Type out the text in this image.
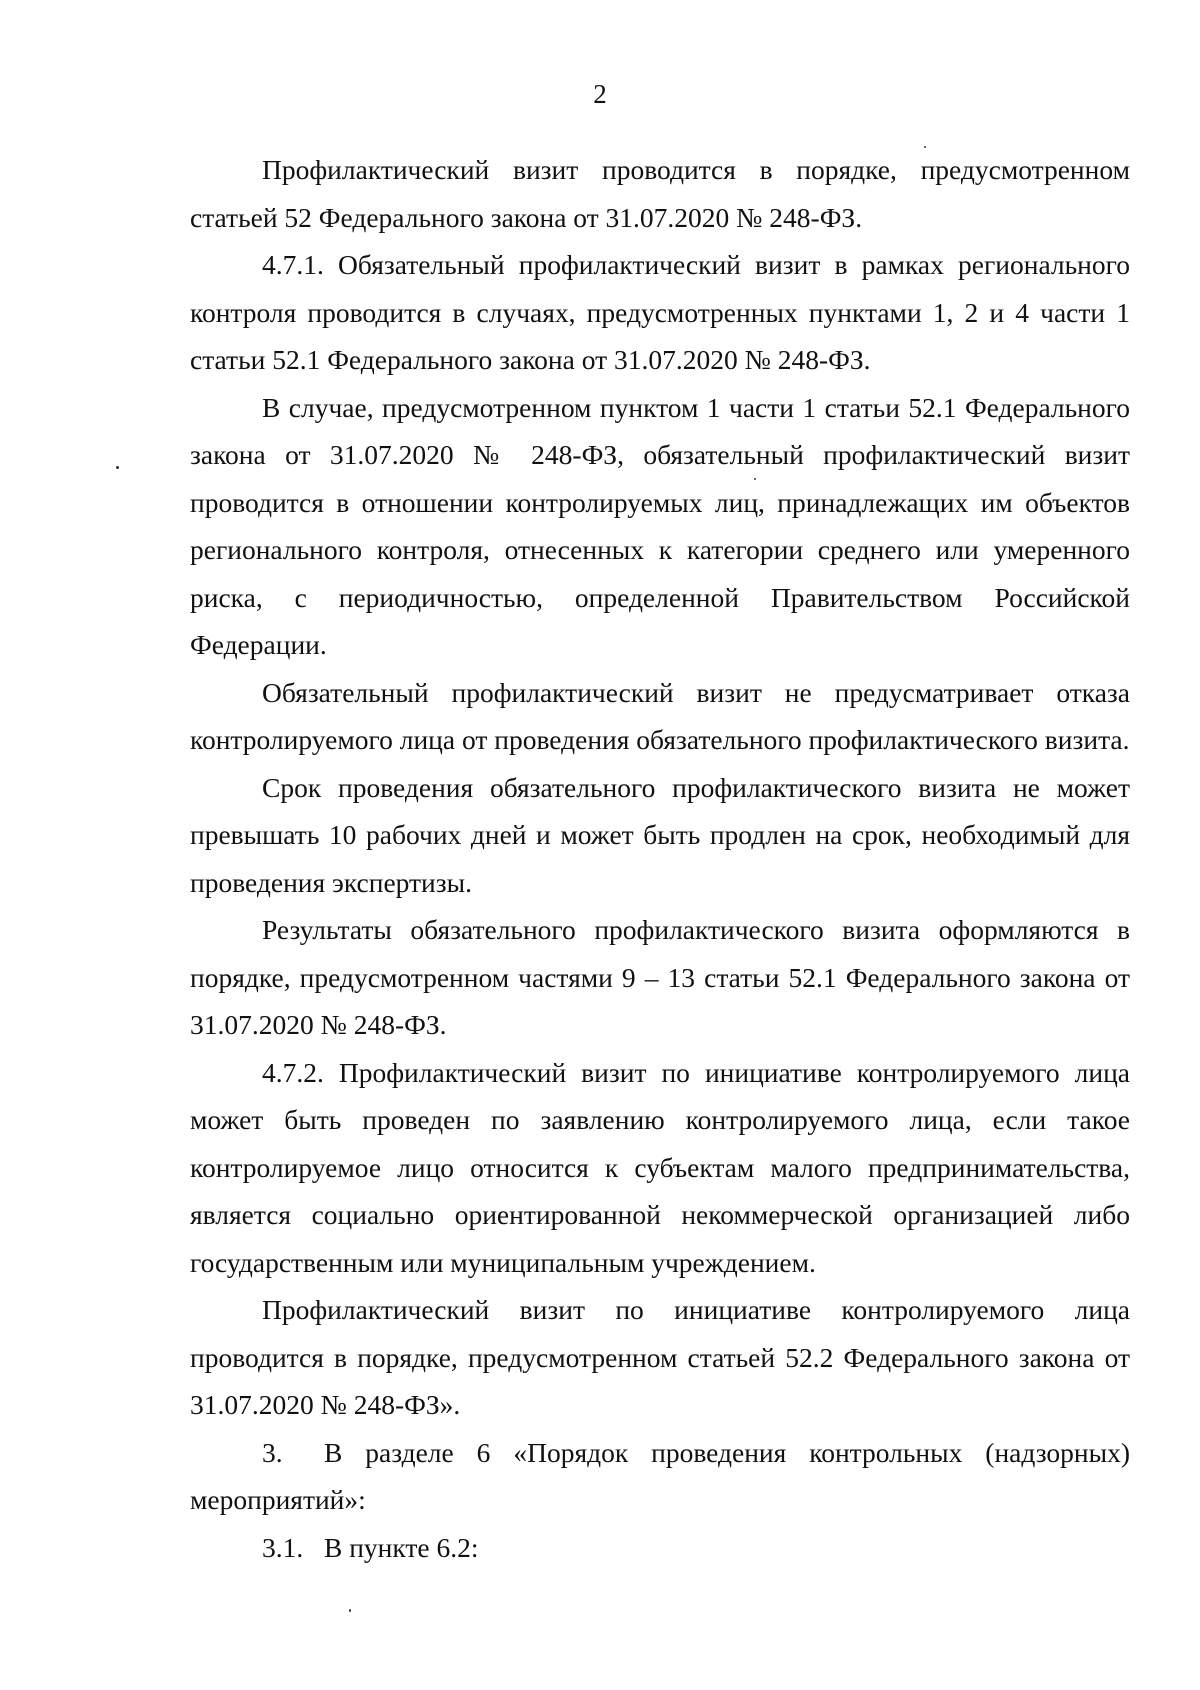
2

Профилактический визит проводится в порядке, предусмотренном статьей 52 Федерального закона от 31.07.2020 № 248-ФЗ.

4.7.1. Обязательный профилактический визит в рамках регионального контроля проводится в случаях, предусмотренных пунктами 1, 2 и 4 части 1 статьи 52.1 Федерального закона от 31.07.2020 № 248-ФЗ.

В случае, предусмотренном пунктом 1 части 1 статьи 52.1 Федерального закона от 31.07.2020 № 248-ФЗ, обязательный профилактический визит проводится в отношении контролируемых лиц, принадлежащих им объектов регионального контроля, отнесенных к категории среднего или умеренного риска, с периодичностью, определенной Правительством Российской Федерации.

Обязательный профилактический визит не предусматривает отказа контролируемого лица от проведения обязательного профилактического визита.

Срок проведения обязательного профилактического визита не может превышать 10 рабочих дней и может быть продлен на срок, необходимый для проведения экспертизы.

Результаты обязательного профилактического визита оформляются в порядке, предусмотренном частями 9 – 13 статьи 52.1 Федерального закона от 31.07.2020 № 248-ФЗ.

4.7.2. Профилактический визит по инициативе контролируемого лица может быть проведен по заявлению контролируемого лица, если такое контролируемое лицо относится к субъектам малого предпринимательства, является социально ориентированной некоммерческой организацией либо государственным или муниципальным учреждением.

Профилактический визит по инициативе контролируемого лица проводится в порядке, предусмотренном статьей 52.2 Федерального закона от 31.07.2020 № 248-ФЗ».

3. В разделе 6 «Порядок проведения контрольных (надзорных) мероприятий»:

3.1. В пункте 6.2:
